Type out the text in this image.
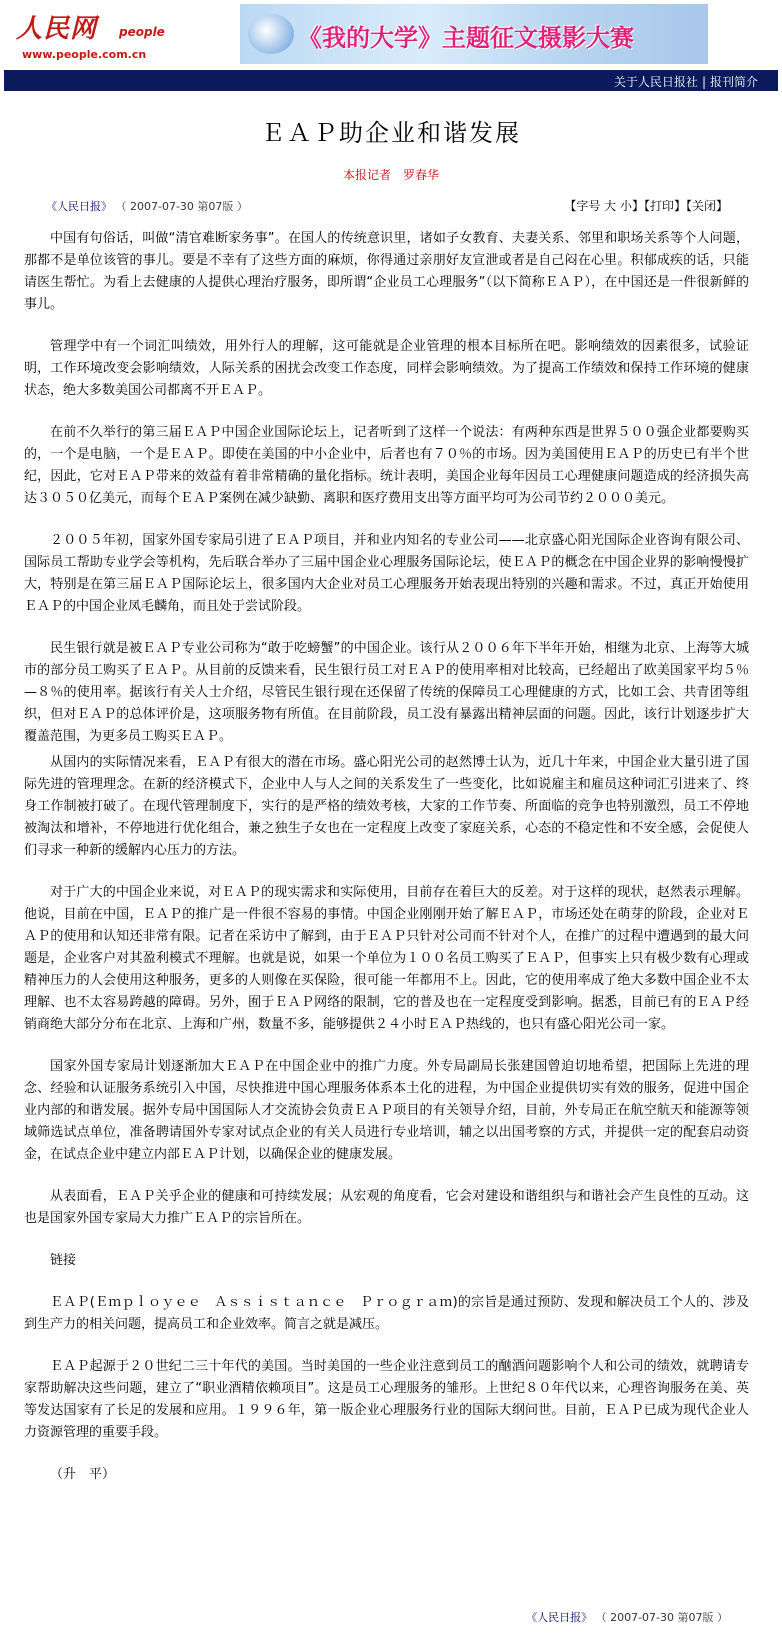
人民网 people
www.people.com.cn
《我的大学》主题征文摄影大赛
关于人民日报社 | 报刊简介
ＥＡＰ助企业和谐发展
本报记者　罗春华
《人民日报》 （ 2007-07-30 第07版 ）	【字号 大 小】【打印】【关闭】

中国有句俗话，叫做“清官难断家务事”。在国人的传统意识里，诸如子女教育、夫妻关系、邻里和职场关系等个人问题，那都不是单位该管的事儿。要是不幸有了这些方面的麻烦，你得通过亲朋好友宣泄或者是自己闷在心里。积郁成疾的话，只能请医生帮忙。为看上去健康的人提供心理治疗服务，即所谓“企业员工心理服务”（以下简称ＥＡＰ），在中国还是一件很新鲜的事儿。

管理学中有一个词汇叫绩效，用外行人的理解，这可能就是企业管理的根本目标所在吧。影响绩效的因素很多，试验证明，工作环境改变会影响绩效，人际关系的困扰会改变工作态度，同样会影响绩效。为了提高工作绩效和保持工作环境的健康状态，绝大多数美国公司都离不开ＥＡＰ。

在前不久举行的第三届ＥＡＰ中国企业国际论坛上，记者听到了这样一个说法：有两种东西是世界５００强企业都要购买的，一个是电脑，一个是ＥＡＰ。即使在美国的中小企业中，后者也有７０％的市场。因为美国使用ＥＡＰ的历史已有半个世纪，因此，它对ＥＡＰ带来的效益有着非常精确的量化指标。统计表明，美国企业每年因员工心理健康问题造成的经济损失高达３０５０亿美元，而每个ＥＡＰ案例在减少缺勤、离职和医疗费用支出等方面平均可为公司节约２０００美元。

２００５年初，国家外国专家局引进了ＥＡＰ项目，并和业内知名的专业公司——北京盛心阳光国际企业咨询有限公司、国际员工帮助专业学会等机构，先后联合举办了三届中国企业心理服务国际论坛，使ＥＡＰ的概念在中国企业界的影响慢慢扩大，特别是在第三届ＥＡＰ国际论坛上，很多国内大企业对员工心理服务开始表现出特别的兴趣和需求。不过，真正开始使用ＥＡＰ的中国企业凤毛麟角，而且处于尝试阶段。

民生银行就是被ＥＡＰ专业公司称为“敢于吃螃蟹”的中国企业。该行从２００６年下半年开始，相继为北京、上海等大城市的部分员工购买了ＥＡＰ。从目前的反馈来看，民生银行员工对ＥＡＰ的使用率相对比较高，已经超出了欧美国家平均５％—８％的使用率。据该行有关人士介绍，尽管民生银行现在还保留了传统的保障员工心理健康的方式，比如工会、共青团等组织，但对ＥＡＰ的总体评价是，这项服务物有所值。在目前阶段，员工没有暴露出精神层面的问题。因此，该行计划逐步扩大覆盖范围，为更多员工购买ＥＡＰ。

从国内的实际情况来看，ＥＡＰ有很大的潜在市场。盛心阳光公司的赵然博士认为，近几十年来，中国企业大量引进了国际先进的管理理念。在新的经济模式下，企业中人与人之间的关系发生了一些变化，比如说雇主和雇员这种词汇引进来了、终身工作制被打破了。在现代管理制度下，实行的是严格的绩效考核，大家的工作节奏、所面临的竞争也特别激烈，员工不停地被淘汰和增补，不停地进行优化组合，兼之独生子女也在一定程度上改变了家庭关系，心态的不稳定性和不安全感，会促使人们寻求一种新的缓解内心压力的方法。

对于广大的中国企业来说，对ＥＡＰ的现实需求和实际使用，目前存在着巨大的反差。对于这样的现状，赵然表示理解。他说，目前在中国，ＥＡＰ的推广是一件很不容易的事情。中国企业刚刚开始了解ＥＡＰ，市场还处在萌芽的阶段，企业对ＥＡＰ的使用和认知还非常有限。记者在采访中了解到，由于ＥＡＰ只针对公司而不针对个人，在推广的过程中遭遇到的最大问题是，企业客户对其盈利模式不理解。也就是说，如果一个单位为１００名员工购买了ＥＡＰ，但事实上只有极少数有心理或精神压力的人会使用这种服务，更多的人则像在买保险，很可能一年都用不上。因此，它的使用率成了绝大多数中国企业不太理解、也不太容易跨越的障碍。另外，囿于ＥＡＰ网络的限制，它的普及也在一定程度受到影响。据悉，目前已有的ＥＡＰ经销商绝大部分分布在北京、上海和广州，数量不多，能够提供２４小时ＥＡＰ热线的，也只有盛心阳光公司一家。

国家外国专家局计划逐渐加大ＥＡＰ在中国企业中的推广力度。外专局副局长张建国曾迫切地希望，把国际上先进的理念、经验和认证服务系统引入中国，尽快推进中国心理服务体系本土化的进程，为中国企业提供切实有效的服务，促进中国企业内部的和谐发展。据外专局中国国际人才交流协会负责ＥＡＰ项目的有关领导介绍，目前，外专局正在航空航天和能源等领域筛选试点单位，准备聘请国外专家对试点企业的有关人员进行专业培训，辅之以出国考察的方式，并提供一定的配套启动资金，在试点企业中建立内部ＥＡＰ计划，以确保企业的健康发展。

从表面看，ＥＡＰ关乎企业的健康和可持续发展；从宏观的角度看，它会对建设和谐组织与和谐社会产生良性的互动。这也是国家外国专家局大力推广ＥＡＰ的宗旨所在。

链接

ＥＡＰ(Ｅｍｐｌｏｙｅｅ　Ａｓｓｉｓｔａｎｃｅ　Ｐｒｏｇｒａｍ)的宗旨是通过预防、发现和解决员工个人的、涉及到生产力的相关问题，提高员工和企业效率。简言之就是减压。

ＥＡＰ起源于２０世纪二三十年代的美国。当时美国的一些企业注意到员工的酗酒问题影响个人和公司的绩效，就聘请专家帮助解决这些问题，建立了“职业酒精依赖项目”。这是员工心理服务的雏形。上世纪８０年代以来，心理咨询服务在美、英等发达国家有了长足的发展和应用。１９９６年，第一版企业心理服务行业的国际大纲问世。目前，ＥＡＰ已成为现代企业人力资源管理的重要手段。

（升　平）

《人民日报》 （ 2007-07-30 第07版 ）
